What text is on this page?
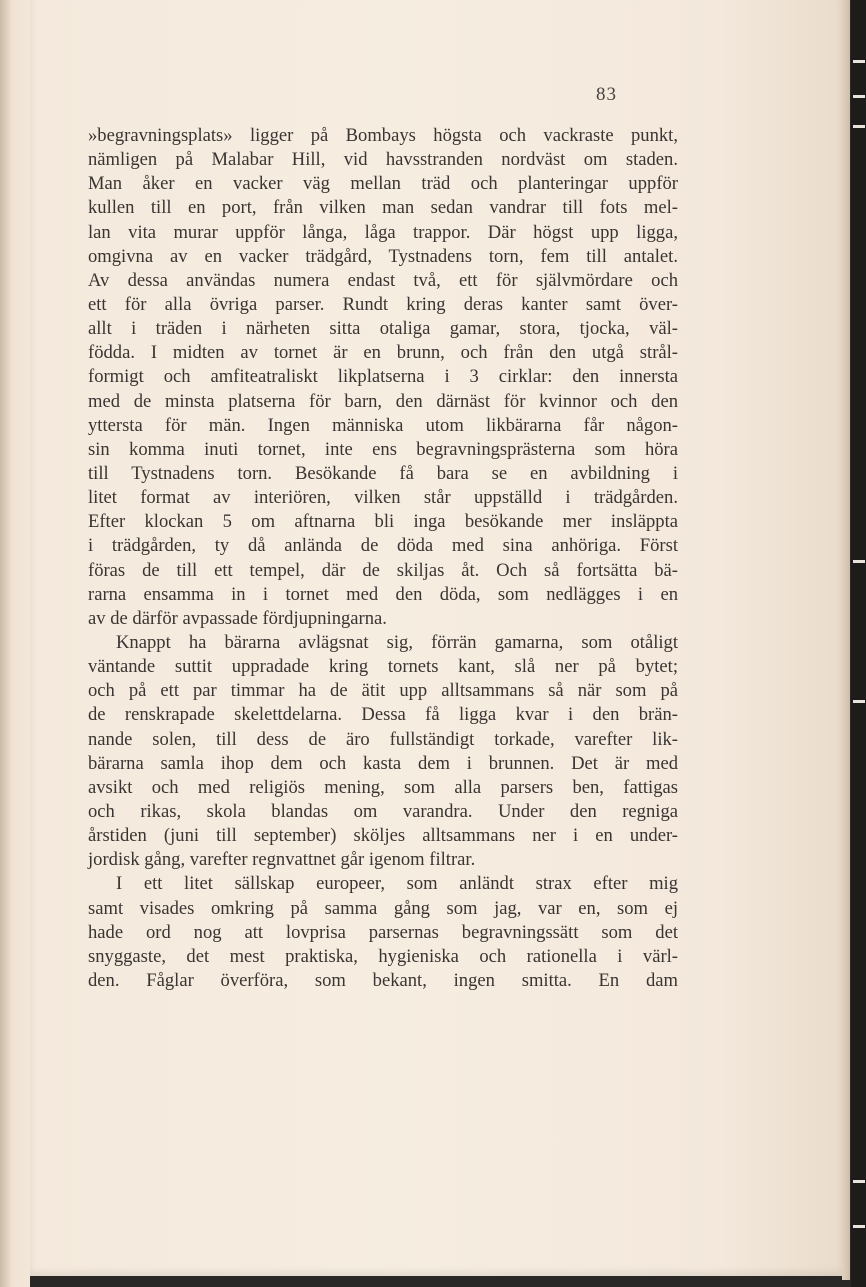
83
»begravningsplats» ligger på Bombays högsta och vackraste punkt,
nämligen på Malabar Hill, vid havsstranden nordväst om staden.
Man åker en vacker väg mellan träd och planteringar uppför
kullen till en port, från vilken man sedan vandrar till fots mel-
lan vita murar uppför långa, låga trappor. Där högst upp ligga,
omgivna av en vacker trädgård, Tystnadens torn, fem till antalet.
Av dessa användas numera endast två, ett för självmördare och
ett för alla övriga parser. Rundt kring deras kanter samt över-
allt i träden i närheten sitta otaliga gamar, stora, tjocka, väl-
födda. I midten av tornet är en brunn, och från den utgå strål-
formigt och amfiteatraliskt likplatserna i 3 cirklar: den innersta
med de minsta platserna för barn, den därnäst för kvinnor och den
yttersta för män. Ingen människa utom likbärarna får någon-
sin komma inuti tornet, inte ens begravningsprästerna som höra
till Tystnadens torn. Besökande få bara se en avbildning i
litet format av interiören, vilken står uppställd i trädgården.
Efter klockan 5 om aftnarna bli inga besökande mer insläppta
i trädgården, ty då anlända de döda med sina anhöriga. Först
föras de till ett tempel, där de skiljas åt. Och så fortsätta bä-
rarna ensamma in i tornet med den döda, som nedlägges i en
av de därför avpassade fördjupningarna.
Knappt ha bärarna avlägsnat sig, förrän gamarna, som otåligt
väntande suttit uppradade kring tornets kant, slå ner på bytet;
och på ett par timmar ha de ätit upp alltsammans så när som på
de renskrapade skelettdelarna. Dessa få ligga kvar i den brän-
nande solen, till dess de äro fullständigt torkade, varefter lik-
bärarna samla ihop dem och kasta dem i brunnen. Det är med
avsikt och med religiös mening, som alla parsers ben, fattigas
och rikas, skola blandas om varandra. Under den regniga
årstiden (juni till september) sköljes alltsammans ner i en under-
jordisk gång, varefter regnvattnet går igenom filtrar.
I ett litet sällskap europeer, som anländt strax efter mig
samt visades omkring på samma gång som jag, var en, som ej
hade ord nog att lovprisa parsernas begravningssätt som det
snyggaste, det mest praktiska, hygieniska och rationella i värl-
den. Fåglar överföra, som bekant, ingen smitta. En dam
